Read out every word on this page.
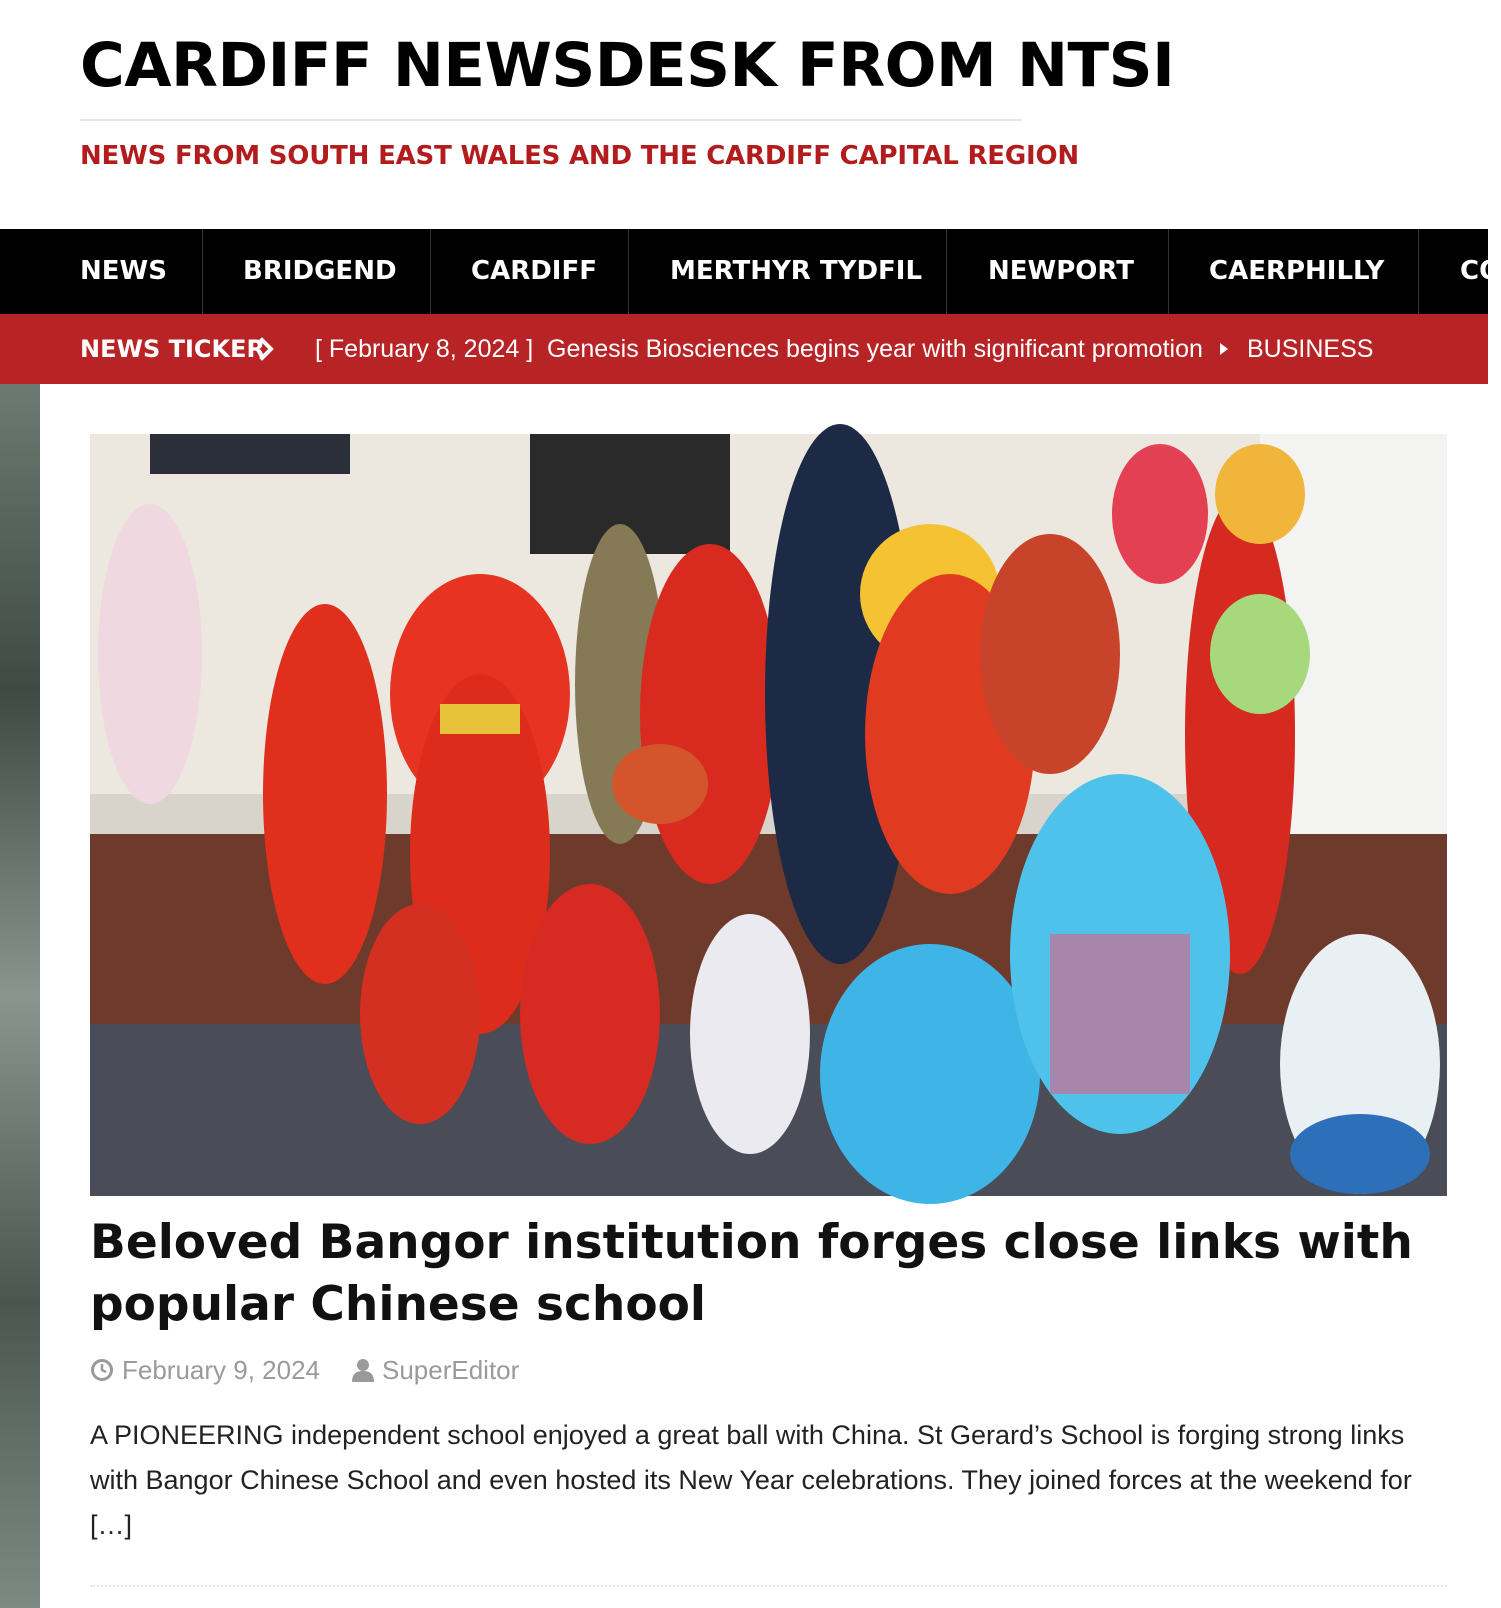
CARDIFF NEWSDESK FROM NTSI
NEWS FROM SOUTH EAST WALES AND THE CARDIFF CAPITAL REGION
NEWS	BRIDGEND	CARDIFF	MERTHYR TYDFIL	NEWPORT	CAERPHILLY	CO
NEWS TICKER [ February 8, 2024 ] Genesis Biosciences begins year with significant promotion BUSINESS
Beloved Bangor institution forges close links with popular Chinese school
February 9, 2024 SuperEditor

A PIONEERING independent school enjoyed a great ball with China. St Gerard’s School is forging strong links with Bangor Chinese School and even hosted its New Year celebrations. They joined forces at the weekend for […]
